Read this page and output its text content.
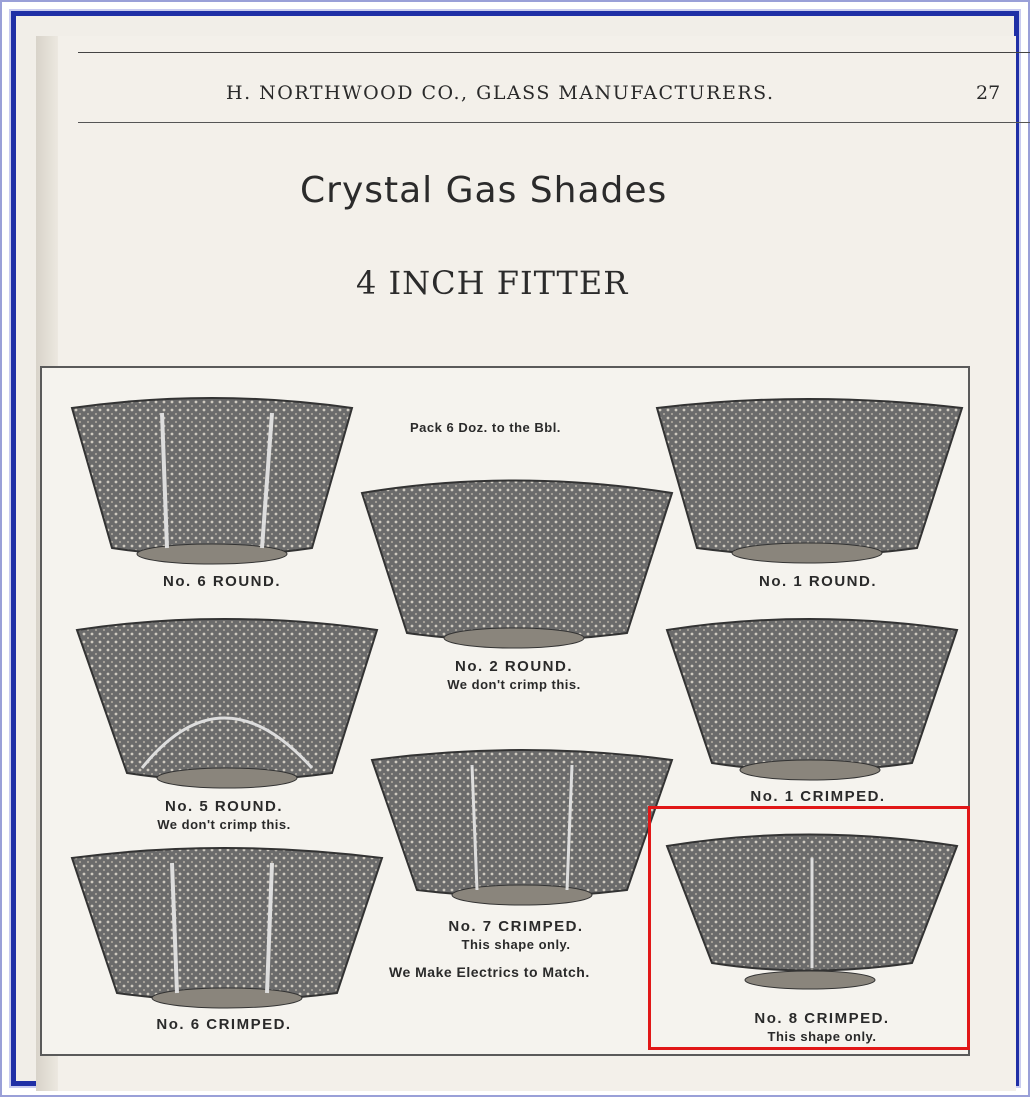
H. NORTHWOOD CO., GLASS MANUFACTURERS.	27
Crystal Gas Shades
4 INCH FITTER
Pack 6 Doz. to the Bbl.
No. 6 ROUND.
No. 2 ROUND.
We don't crimp this.
No. 1 ROUND.
No. 5 ROUND.
We don't crimp this.
No. 1 CRIMPED.
No. 7 CRIMPED.
This shape only.
We Make Electrics to Match.
No. 6 CRIMPED.	No. 8 CRIMPED.
This shape only.
